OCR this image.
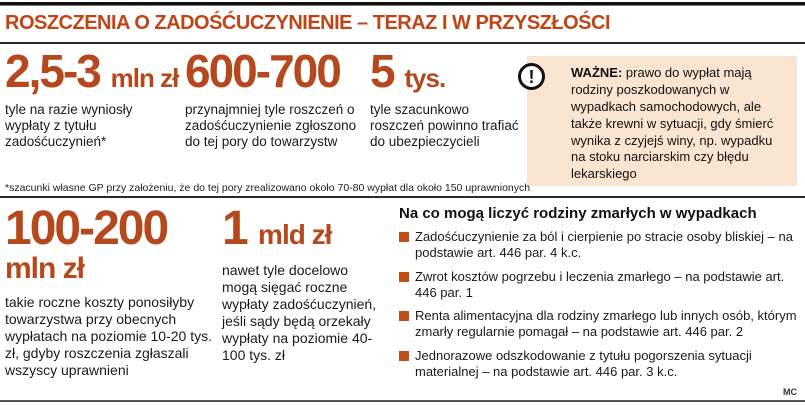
ROSZCZENIA O ZADOŚĆUCZYNIENIE – TERAZ I W PRZYSZŁOŚCI
2,5-3 mln zł
tyle na razie wyniosły wypłaty z tytułu zadośćuczynień*
600-700
przynajmniej tyle roszczeń o zadośćuczynienie zgłoszono do tej pory do towarzystw
5 tys.
tyle szacunkowo roszczeń powinno trafiać do ubezpieczycieli
!	WAŻNE: prawo do wypłat mają rodziny poszkodowanych w wypadkach samochodowych, ale także krewni w sytuacji, gdy śmierć wynika z czyjejś winy, np. wypadku na stoku narciarskim czy błędu lekarskiego
*szacunki własne GP przy założeniu, że do tej pory zrealizowano około 70-80 wypłat dla około 150 uprawnionych
100-200
mln zł
takie roczne koszty ponosiłyby towarzystwa przy obecnych wypłatach na poziomie 10-20 tys. zł, gdyby roszczenia zgłaszali wszyscy uprawnieni
1 mld zł
nawet tyle docelowo mogą sięgać roczne wypłaty zadośćuczynień, jeśli sądy będą orzekały wypłaty na poziomie 40-100 tys. zł
Na co mogą liczyć rodziny zmarłych w wypadkach
Zadośćuczynienie za ból i cierpienie po stracie osoby bliskiej – na podstawie art. 446 par. 4 k.c.
Zwrot kosztów pogrzebu i leczenia zmarłego – na podstawie art. 446 par. 1
Renta alimentacyjna dla rodziny zmarłego lub innych osób, którym zmarły regularnie pomagał – na podstawie art. 446 par. 2
Jednorazowe odszkodowanie z tytułu pogorszenia sytuacji materialnej – na podstawie art. 446 par. 3 k.c.
MC
